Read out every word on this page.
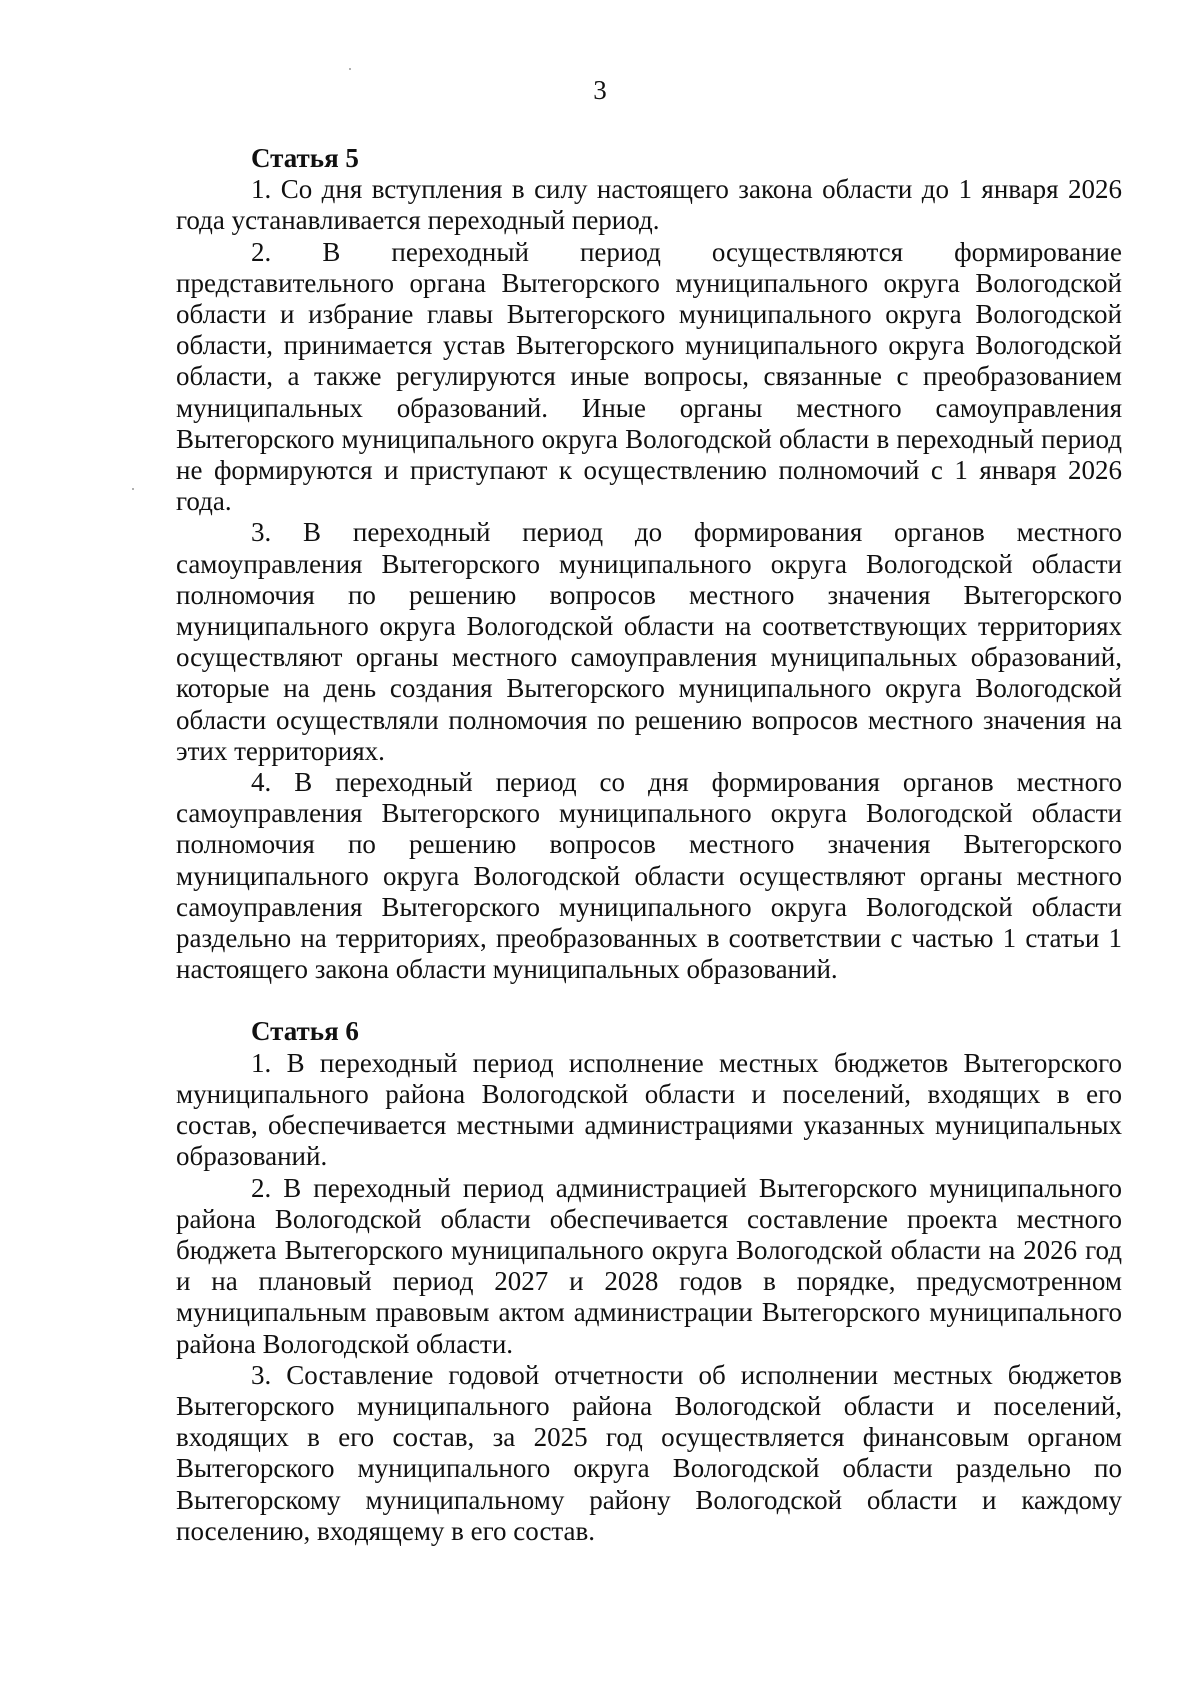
3
Статья 5

1. Со дня вступления в силу настоящего закона области до 1 января 2026 года устанавливается переходный период.

2. В переходный период осуществляются формирование представительного органа Вытегорского муниципального округа Вологодской области и избрание главы Вытегорского муниципального округа Вологодской области, принимается устав Вытегорского муниципального округа Вологодской области, а также регулируются иные вопросы, связанные с преобразованием муниципальных образований. Иные органы местного самоуправления Вытегорского муниципального округа Вологодской области в переходный период не формируются и приступают к осуществлению полномочий с 1 января 2026 года.

3. В переходный период до формирования органов местного самоуправления Вытегорского муниципального округа Вологодской области полномочия по решению вопросов местного значения Вытегорского муниципального округа Вологодской области на соответствующих территориях осуществляют органы местного самоуправления муниципальных образований, которые на день создания Вытегорского муниципального округа Вологодской области осуществляли полномочия по решению вопросов местного значения на этих территориях.

4. В переходный период со дня формирования органов местного самоуправления Вытегорского муниципального округа Вологодской области полномочия по решению вопросов местного значения Вытегорского муниципального округа Вологодской области осуществляют органы местного самоуправления Вытегорского муниципального округа Вологодской области раздельно на территориях, преобразованных в соответствии с частью 1 статьи 1 настоящего закона области муниципальных образований.

Статья 6

1. В переходный период исполнение местных бюджетов Вытегорского муниципального района Вологодской области и поселений, входящих в его состав, обеспечивается местными администрациями указанных муниципальных образований.

2. В переходный период администрацией Вытегорского муниципального района Вологодской области обеспечивается составление проекта местного бюджета Вытегорского муниципального округа Вологодской области на 2026 год и на плановый период 2027 и 2028 годов в порядке, предусмотренном муниципальным правовым актом администрации Вытегорского муниципального района Вологодской области.

3. Составление годовой отчетности об исполнении местных бюджетов Вытегорского муниципального района Вологодской области и поселений, входящих в его состав, за 2025 год осуществляется финансовым органом Вытегорского муниципального округа Вологодской области раздельно по Вытегорскому муниципальному району Вологодской области и каждому поселению, входящему в его состав.
